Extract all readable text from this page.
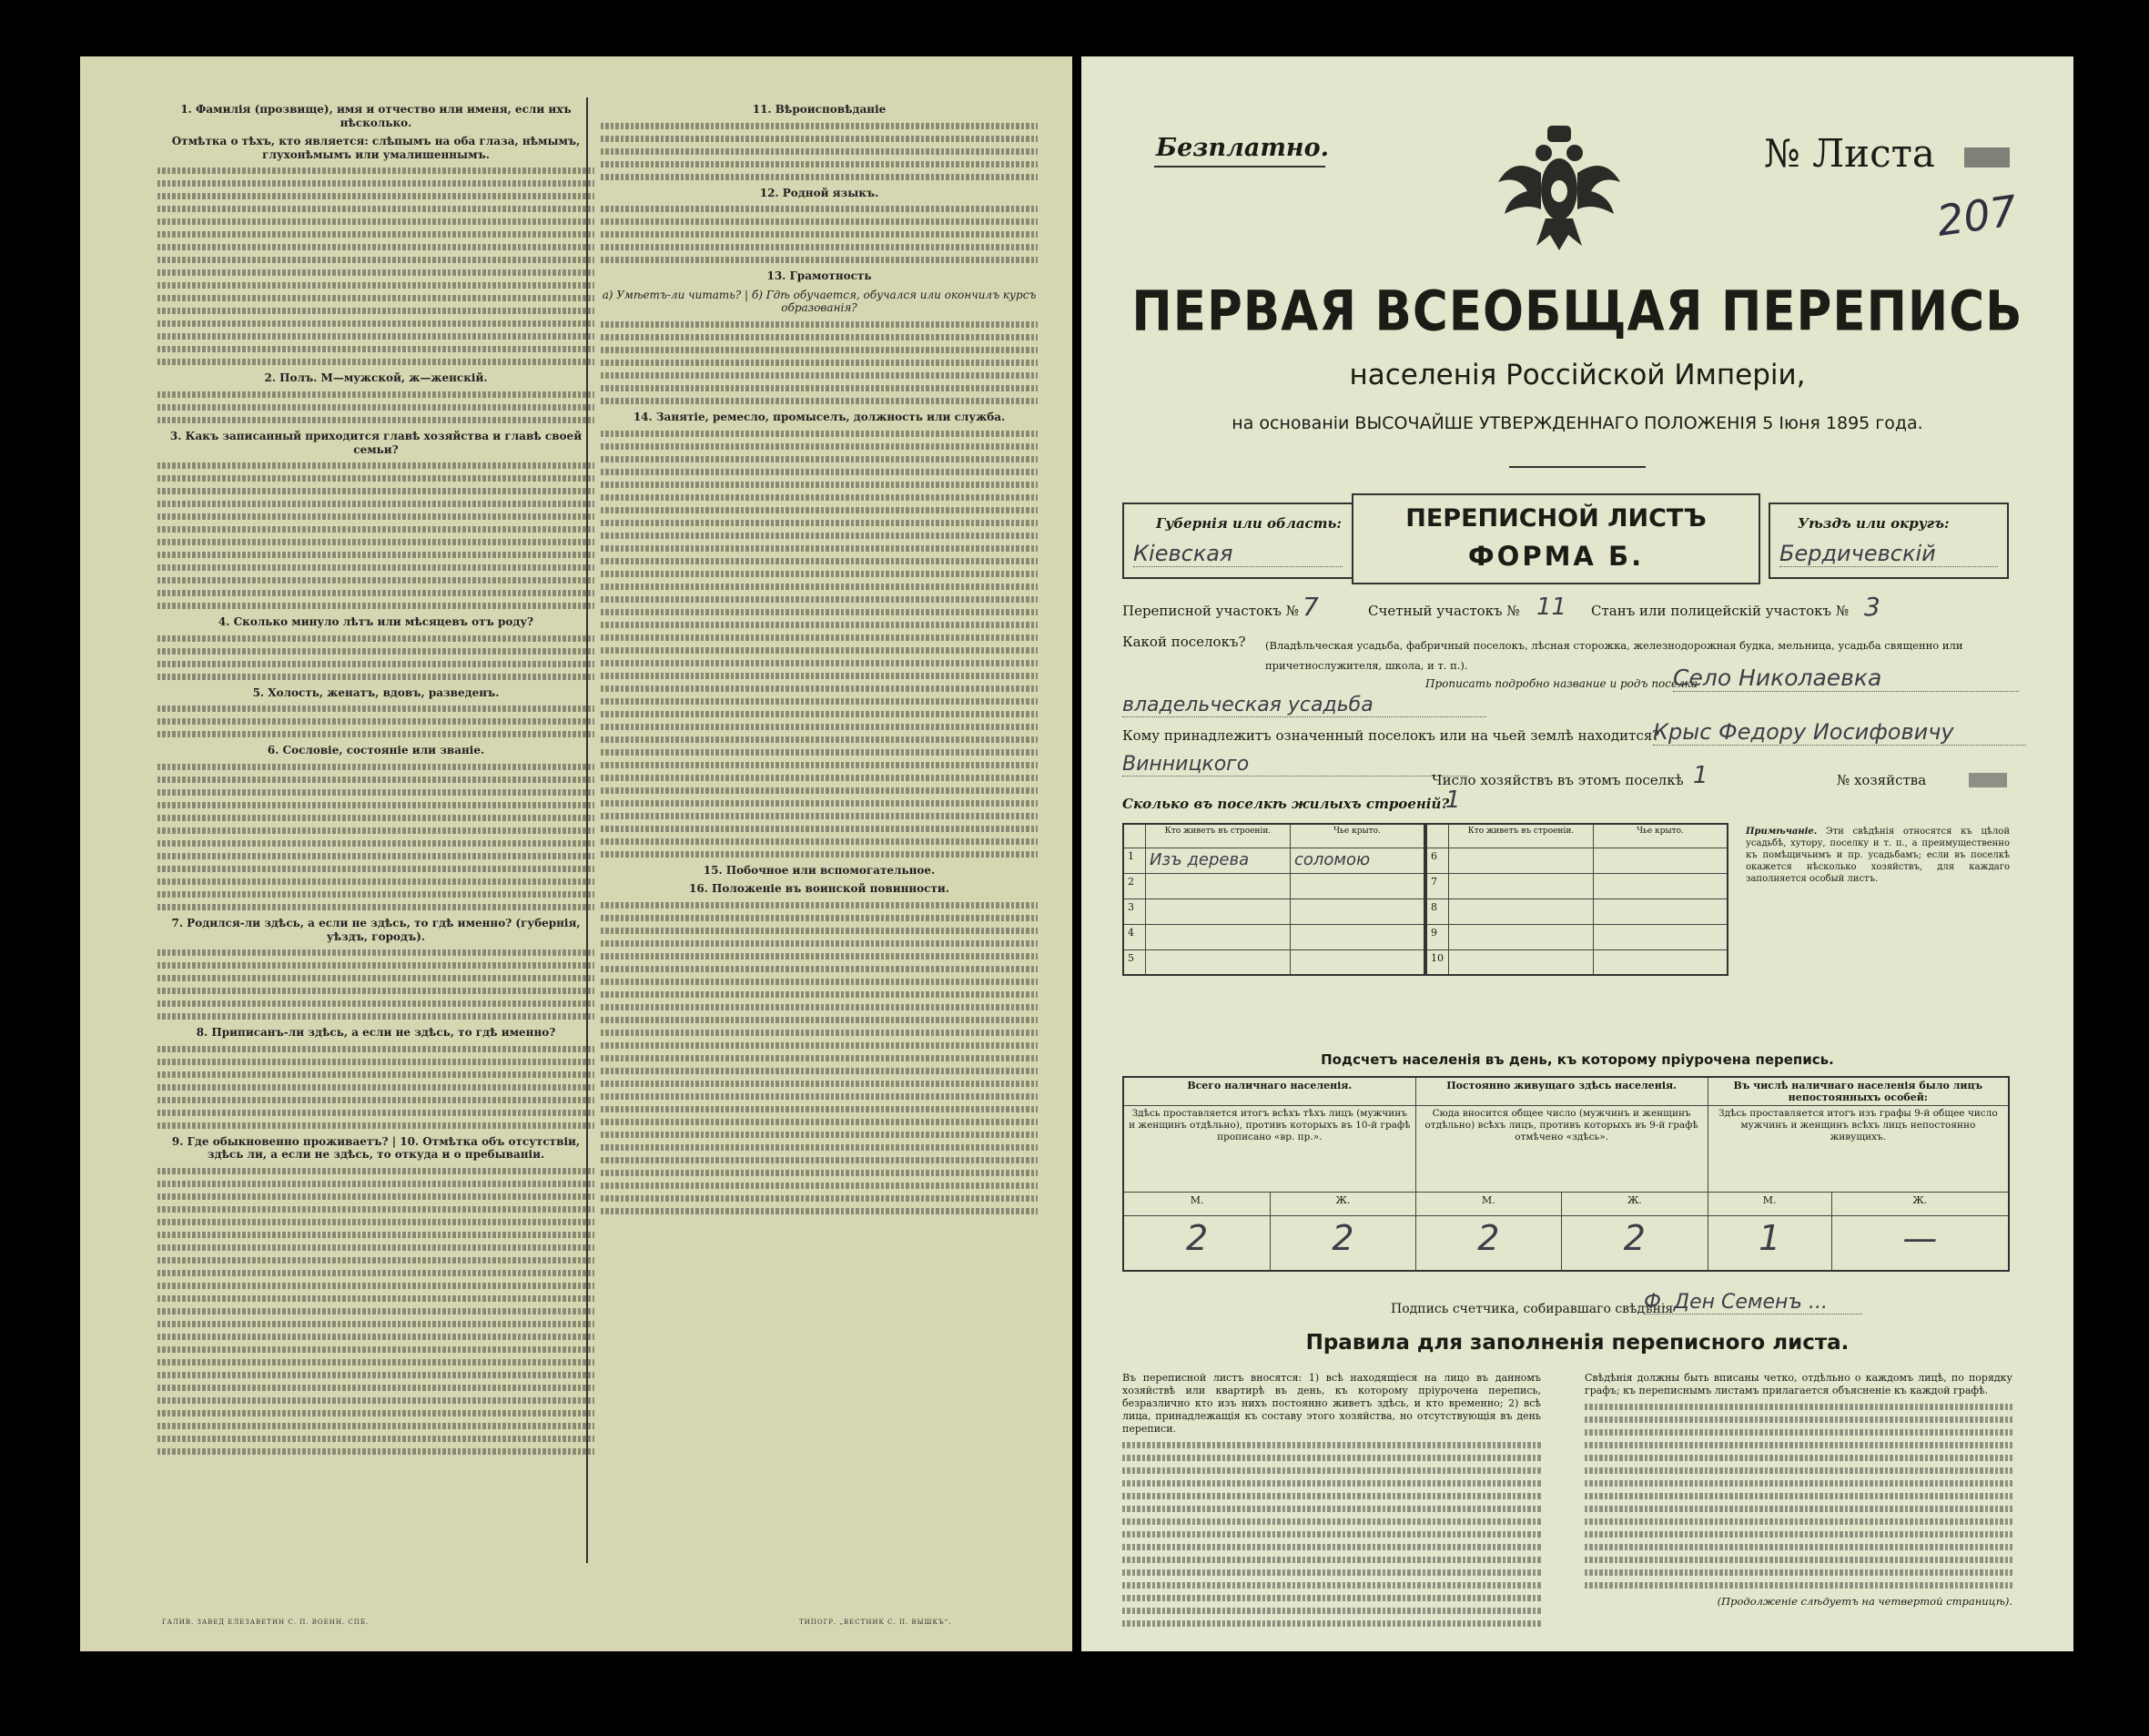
1. Фамилія (прозвище), имя и отчество или именя, если ихъ нѣсколько.
Отмѣтка о тѣхъ, кто является: слѣпымъ на оба глаза, нѣмымъ, глухонѣмымъ или умалишеннымъ.
2. Полъ. М—мужской, ж—женскій.
3. Какъ записанный приходится главѣ хозяйства и главѣ своей семьи?
4. Сколько минуло лѣтъ или мѣсяцевъ отъ роду?
5. Холость, женатъ, вдовъ, разведенъ.
6. Сословіе, состояніе или званіе.
7. Родился-ли здѣсь, а если не здѣсь, то гдѣ именно? (губернія, уѣздъ, городъ).
8. Приписанъ-ли здѣсь, а если не здѣсь, то гдѣ именно?
9. Где обыкновенно проживаетъ? | 10. Отмѣтка объ отсутствіи, здѣсь ли, а если не здѣсь, то откуда и о пребываніи.
11. Вѣроисповѣданіе
12. Родной языкъ.
13. Грамотность
а) Умѣетъ-ли читать? | б) Гдѣ обучается, обучался или окончилъ курсъ образованія?
14. Занятіе, ремесло, промыселъ, должность или служба.
15. Побочное или вспомогательное.
16. Положеніе въ воинской повинности.
ГАЛИВ. ЗАВЕД ЕЛЕЗАВЕТИН С. П. ВОЕНН. СПБ.	ТИПОГР. „ВЕСТНИК С. П. ВЫШКЪ“.
Безплатно.	№ Листа
207
ПЕРВАЯ ВСЕОБЩАЯ ПЕРЕПИСЬ
населенія Россійской Имперіи,
на основаніи ВЫСОЧАЙШЕ УТВЕРЖДЕННАГО ПОЛОЖЕНІЯ 5 Іюня 1895 года.
Губернія или область:
Кіевская
ПЕРЕПИСНОЙ ЛИСТЪ
ФОРМА Б.
Уѣздъ или округъ:
Бердичевскій
Переписной участокъ № 7	Счетный участокъ № 11 Станъ или полицейскій участокъ № 3
Какой поселокъ? (Владѣльческая усадьба, фабричный поселокъ, лѣсная сторожка, железнодорожная будка, мельница, усадьба священно или причетнослужителя, школа, и т. п.).
Прописать подробно название и родъ поселка
Село Николаевка
владельческая усадьба
Кому принадлежитъ означенный поселокъ или на чьей землѣ находится?
Крыс Федору Иосифовичу
Винницкого
Число хозяйствъ въ этомъ поселкѣ 1	№ хозяйства
Сколько въ поселкѣ жилыхъ строеній?
1
	Кто живетъ въ строеніи.	Чье крыто.
1	Изъ дерева	соломою
2		
3		
4		
5		
	Кто живетъ въ строеніи.	Чье крыто.
6		
7		
8		
9		
10		
Примѣчаніе. Эти свѣдѣнія относятся къ цѣлой усадьбѣ, хутору, поселку и т. п., а преимущественно къ помѣщичьимъ и пр. усадьбамъ; если въ поселкѣ окажется нѣсколько хозяйствъ, для каждаго заполняется особый листъ.
Подсчетъ населенія въ день, къ которому пріурочена перепись.
Всего наличнаго населенія.		Постоянно живущаго здѣсь населенія.		Въ числѣ наличнаго населенія было лицъ непостоянныхъ особей:	
Здѣсь проставляется итогъ всѣхъ тѣхъ лицъ (мужчинъ и женщинъ отдѣльно), противъ которыхъ въ 10-й графѣ прописано «вр. пр.».		Сюда вносится общее число (мужчинъ и женщинъ отдѣльно) всѣхъ лицъ, противъ которыхъ въ 9-й графѣ отмѣчено «здѣсь».		Здѣсь проставляется итогъ изъ графы 9-й общее число мужчинъ и женщинъ всѣхъ лицъ непостоянно живущихъ.	
М.	Ж.	М.	Ж.	М.	Ж.
2	2	2	2	1	—
Подпись счетчика, собиравшаго свѣдѣнія
Ф. Ден Семенъ ...
Правила для заполненія переписного листа.
Въ переписной листъ вносятся: 1) всѣ находящіеся на лицо въ данномъ хозяйствѣ или квартирѣ въ день, къ которому пріурочена перепись, безразлично кто изъ нихъ постоянно живетъ здѣсь, и кто временно; 2) всѣ лица, принадлежащія къ составу этого хозяйства, но отсутствующія въ день переписи.
Свѣдѣнія должны быть вписаны четко, отдѣльно о каждомъ лицѣ, по порядку графъ; къ переписнымъ листамъ прилагается объясненіе къ каждой графѣ.
(Продолженіе слѣдуетъ на четвертой страницѣ).
